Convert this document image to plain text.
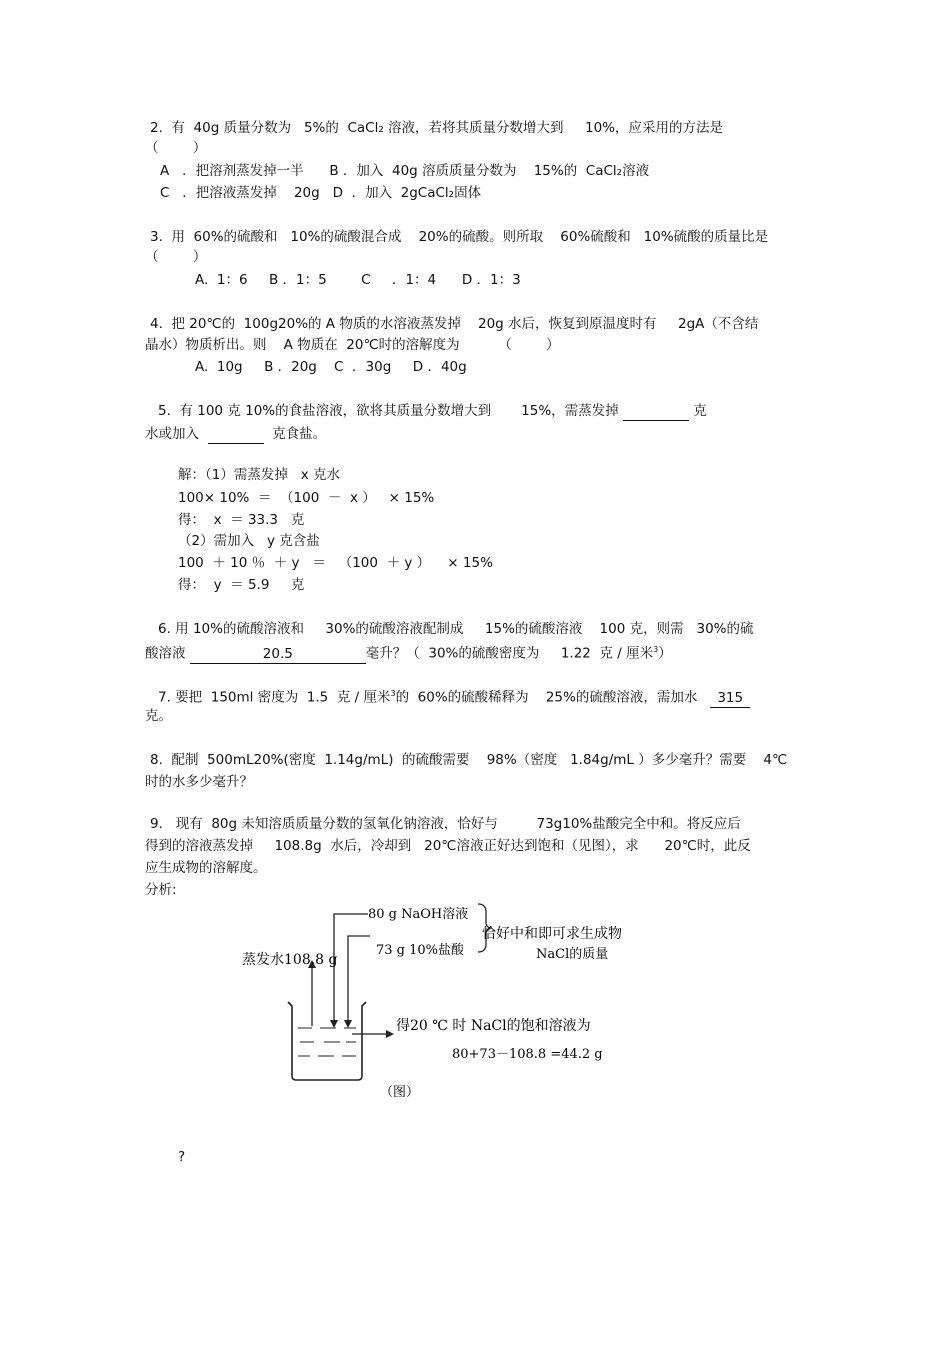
2.  有  40g 质量分数为   5%的  CaCl₂ 溶液，若将其质量分数增大到     10%，应采用的方法是
（        ）
A   ．把溶剂蒸发掉一半      B ．加入  40g 溶质质量分数为    15%的  CaCl₂溶液
C   ．把溶液蒸发掉    20g   D  ．加入  2gCaCl₂固体
3.  用  60%的硫酸和   10%的硫酸混合成    20%的硫酸。则所取    60%硫酸和   10%硫酸的质量比是
（        ）
A.  1：6     B ．1：5        C     ．1：4      D ．1：3
4.  把 20℃的  100g20%的 A 物质的水溶液蒸发掉    20g 水后，恢复到原温度时有     2gA（不含结
晶水）物质析出。则    A 物质在  20℃时的溶解度为         （        ）
A.  10g     B ．20g    C  ．30g     D ．40g
5.  有 100 克 10%的食盐溶液，欲将其质量分数增大到       15%，需蒸发掉	克
水或加入	克食盐。
解：（1）需蒸发掉   x 克水
100× 10%  ＝  （100  －  x ）   × 15%
得：  x  ＝ 33.3   克
（2）需加入   y 克含盐
100  ＋ 10 ％  ＋ y   ＝   （100  ＋ y ）    × 15%
得：  y  ＝ 5.9     克
6. 用 10%的硫酸溶液和     30%的硫酸溶液配制成     15%的硫酸溶液    100 克，则需   30%的硫
酸溶液	20.5	毫升？（  30%的硫酸密度为     1.22  克 / 厘米$^3$）
7. 要把  150ml 密度为  1.5  克 / 厘米$^3$的  60%的硫酸稀释为    25%的硫酸溶液，需加水 315
克。
8.  配制  500mL20%(密度  1.14g/mL)  的硫酸需要    98%（密度   1.84g/mL ）多少毫升？需要    4℃
时的水多少毫升？
9.   现有  80g 未知溶质质量分数的氢氧化钠溶液，恰好与         73g10%盐酸完全中和。将反应后
得到的溶液蒸发掉     108.8g  水后，冷却到   20℃溶液正好达到饱和（见图），求      20℃时，此反
应生成物的溶解度。
分析:
80 g NaOH溶液
73 g 10%盐酸
恰好中和即可求生成物
NaCl的质量
蒸发水108.8 g
得20 ℃ 时 NaCl的饱和溶液为
80+73－108.8 =44.2 g
（图）
?
